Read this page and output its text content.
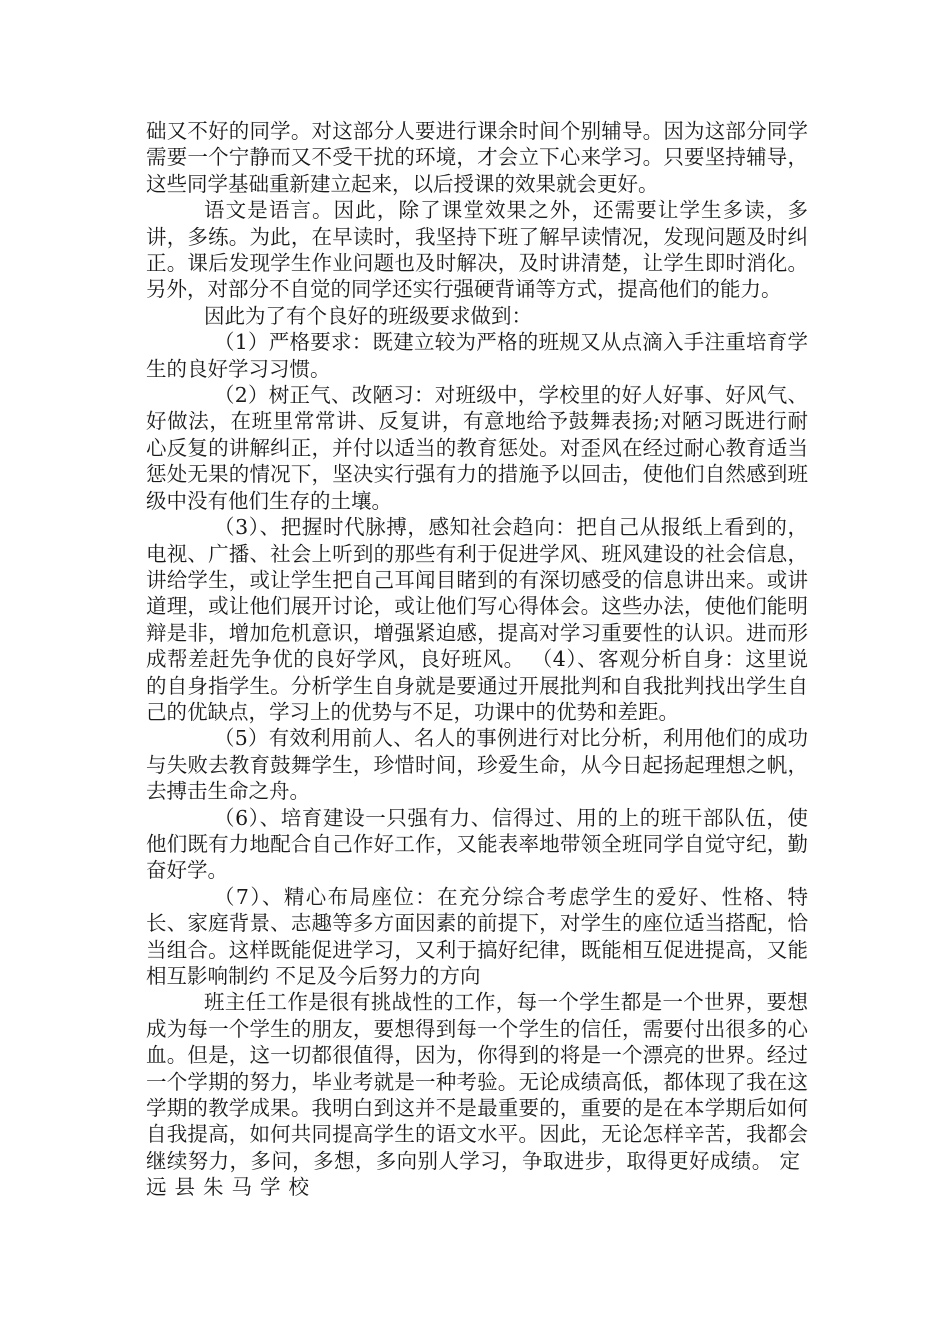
础又不好的同学。对这部分人要进行课余时间个别辅导。因为这部分同学需要一个宁静而又不受干扰的环境，才会立下心来学习。只要坚持辅导，这些同学基础重新建立起来，以后授课的效果就会更好。

语文是语言。因此，除了课堂效果之外，还需要让学生多读，多讲，多练。为此，在早读时，我坚持下班了解早读情况，发现问题及时纠正。课后发现学生作业问题也及时解决，及时讲清楚，让学生即时消化。另外，对部分不自觉的同学还实行强硬背诵等方式，提高他们的能力。

因此为了有个良好的班级要求做到：

（1）严格要求：既建立较为严格的班规又从点滴入手注重培育学生的良好学习习惯。

（2）树正气、改陋习：对班级中，学校里的好人好事、好风气、好做法，在班里常常讲、反复讲，有意地给予鼓舞表扬;对陋习既进行耐心反复的讲解纠正，并付以适当的教育惩处。对歪风在经过耐心教育适当惩处无果的情况下，坚决实行强有力的措施予以回击，使他们自然感到班级中没有他们生存的土壤。

（3）、把握时代脉搏，感知社会趋向：把自己从报纸上看到的，电视、广播、社会上听到的那些有利于促进学风、班风建设的社会信息，讲给学生，或让学生把自己耳闻目睹到的有深切感受的信息讲出来。或讲道理，或让他们展开讨论，或让他们写心得体会。这些办法，使他们能明辩是非，增加危机意识，增强紧迫感，提高对学习重要性的认识。进而形成帮差赶先争优的良好学风，良好班风。 （4）、客观分析自身：这里说的自身指学生。分析学生自身就是要通过开展批判和自我批判找出学生自己的优缺点，学习上的优势与不足，功课中的优势和差距。

（5）有效利用前人、名人的事例进行对比分析，利用他们的成功与失败去教育鼓舞学生，珍惜时间，珍爱生命，从今日起扬起理想之帆，去搏击生命之舟。

（6）、培育建设一只强有力、信得过、用的上的班干部队伍，使他们既有力地配合自己作好工作，又能表率地带领全班同学自觉守纪，勤奋好学。

（7）、精心布局座位：在充分综合考虑学生的爱好、性格、特长、家庭背景、志趣等多方面因素的前提下，对学生的座位适当搭配，恰当组合。这样既能促进学习，又利于搞好纪律，既能相互促进提高，又能相互影响制约 不足及今后努力的方向

班主任工作是很有挑战性的工作，每一个学生都是一个世界，要想成为每一个学生的朋友，要想得到每一个学生的信任，需要付出很多的心血。但是，这一切都很值得，因为，你得到的将是一个漂亮的世界。经过一个学期的努力，毕业考就是一种考验。无论成绩高低，都体现了我在这学期的教学成果。我明白到这并不是最重要的，重要的是在本学期后如何自我提高，如何共同提高学生的语文水平。因此，无论怎样辛苦，我都会继续努力，多问，多想，多向别人学习，争取进步，取得更好成绩。 定远县朱马学校
